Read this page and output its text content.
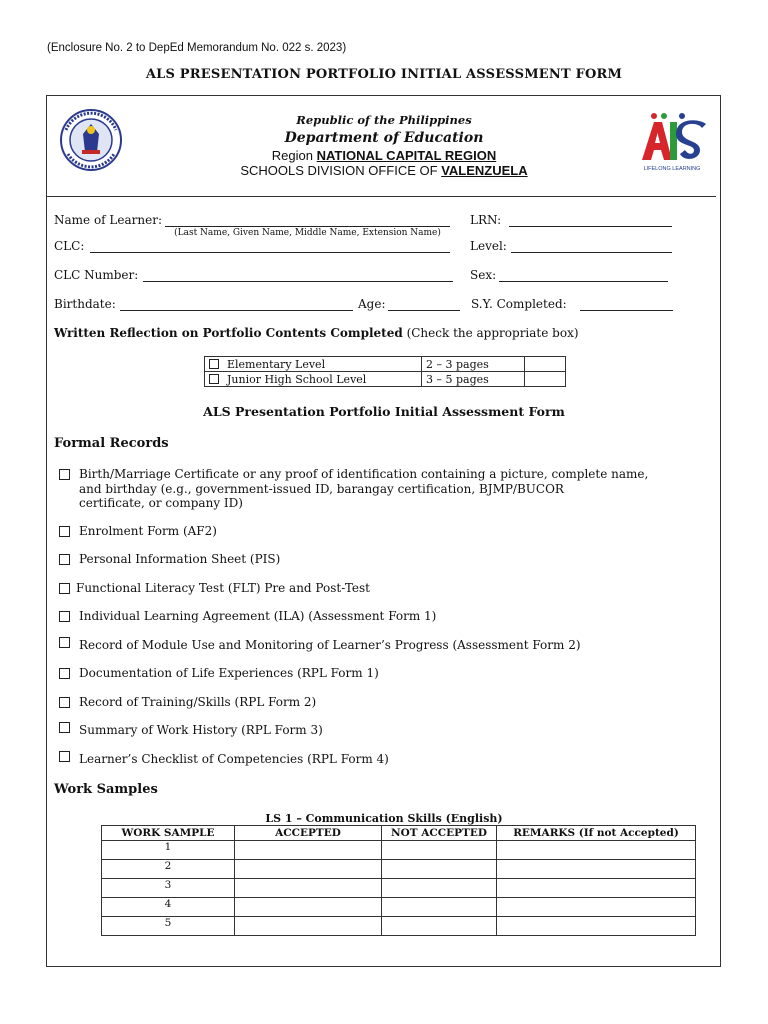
(Enclosure No. 2 to DepEd Memorandum No. 022 s. 2023)
ALS PRESENTATION PORTFOLIO INITIAL ASSESSMENT FORM
Republic of the Philippines
Department of Education
Region NATIONAL CAPITAL REGION
SCHOOLS DIVISION OFFICE OF VALENZUELA	LIFELONG LEARNING
Name of Learner:
(Last Name, Given Name, Middle Name, Extension Name)
LRN:
CLC:	Level:
CLC Number:	Sex:
Birthdate:	Age:	S.Y. Completed:
Written Reflection on Portfolio Contents Completed (Check the appropriate box)
Elementary Level	2 – 3 pages	
Junior High School Level	3 – 5 pages	
ALS Presentation Portfolio Initial Assessment Form
Formal Records
Birth/Marriage Certificate or any proof of identification containing a picture, complete name,
and birthday (e.g., government-issued ID, barangay certification, BJMP/BUCOR
certificate, or company ID)
Enrolment Form (AF2)
Personal Information Sheet (PIS)
Functional Literacy Test (FLT) Pre and Post-Test
Individual Learning Agreement (ILA) (Assessment Form 1)
Record of Module Use and Monitoring of Learner’s Progress (Assessment Form 2)
Documentation of Life Experiences (RPL Form 1)
Record of Training/Skills (RPL Form 2)
Summary of Work History (RPL Form 3)
Learner’s Checklist of Competencies (RPL Form 4)
Work Samples
LS 1 – Communication Skills (English)
WORK SAMPLE	ACCEPTED	NOT ACCEPTED	REMARKS (If not Accepted)
1			
2			
3			
4			
5			
